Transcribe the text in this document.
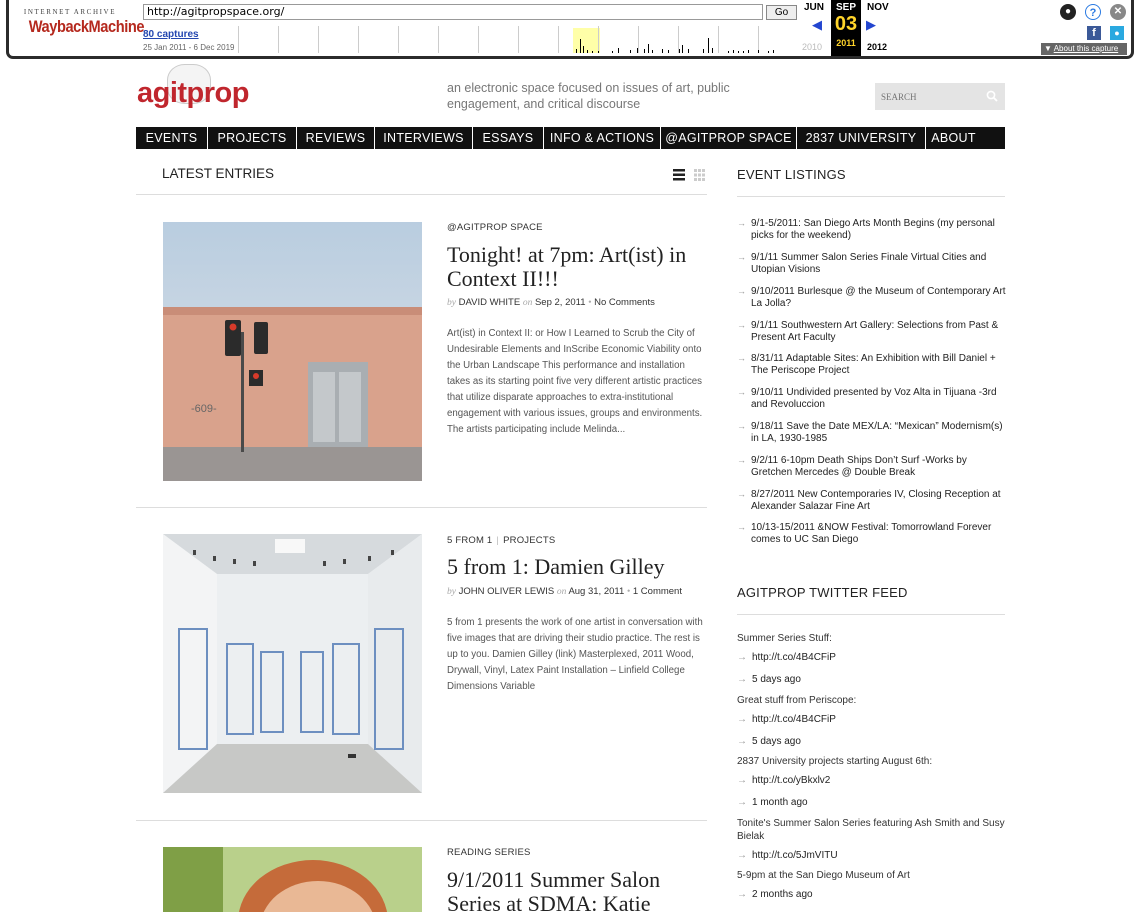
INTERNET ARCHIVE
WaybackMachine
http://agitpropspace.org/	Go
80 captures
25 Jan 2011 - 6 Dec 2019
JUN
◀
SEP
03
2011
▶
NOV
2010	2012
●	?	✕
f	●
▼ About this capture
agitprop	an electronic space focused on issues of art, public engagement, and critical discourse
SEARCH
EVENTS	PROJECTS	REVIEWS	INTERVIEWS	ESSAYS	INFO & ACTIONS @AGITPROP SPACE	2837 UNIVERSITY	ABOUT
LATEST ENTRIES
-609-
@AGITPROP SPACE
Tonight! at 7pm: Art(ist) in Context II!!!
by DAVID WHITE on Sep 2, 2011 • No Comments
Art(ist) in Context II: or How I Learned to Scrub the City of Undesirable Elements and InScribe Economic Viability onto the Urban Landscape This performance and installation takes as its starting point five very different artistic practices that utilize disparate approaches to extra-institutional engagement with various issues, groups and environments. The artists participating include Melinda...
5 FROM 1 | PROJECTS
5 from 1: Damien Gilley
by JOHN OLIVER LEWIS on Aug 31, 2011 • 1 Comment
5 from 1 presents the work of one artist in conversation with five images that are driving their studio practice. The rest is up to you. Damien Gilley (link) Masterplexed, 2011 Wood, Drywall, Vinyl, Latex Paint Installation – Linfield College Dimensions Variable
READING SERIES
9/1/2011 Summer Salon Series at SDMA: Katie
EVENT LISTINGS
→ 9/1-5/2011: San Diego Arts Month Begins (my personal picks for the weekend)
→ 9/1/11 Summer Salon Series Finale Virtual Cities and Utopian Visions
→ 9/10/2011 Burlesque @ the Museum of Contemporary Art La Jolla?
→ 9/1/11 Southwestern Art Gallery: Selections from Past & Present Art Faculty
→ 8/31/11 Adaptable Sites: An Exhibition with Bill Daniel + The Periscope Project
→ 9/10/11 Undivided presented by Voz Alta in Tijuana -3rd and Revoluccion
→ 9/18/11 Save the Date MEX/LA: “Mexican” Modernism(s) in LA, 1930-1985
→ 9/2/11 6-10pm Death Ships Don’t Surf -Works by Gretchen Mercedes @ Double Break
→ 8/27/2011 New Contemporaries IV, Closing Reception at Alexander Salazar Fine Art
→ 10/13-15/2011 &NOW Festival: Tomorrowland Forever comes to UC San Diego
AGITPROP TWITTER FEED
Summer Series Stuff:
→ http://t.co/4B4CFiP
→ 5 days ago
Great stuff from Periscope:
→ http://t.co/4B4CFiP
→ 5 days ago
2837 University projects starting August 6th:
→ http://t.co/yBkxlv2
→ 1 month ago
Tonite's Summer Salon Series featuring Ash Smith and Susy Bielak
→ http://t.co/5JmVITU
5-9pm at the San Diego Museum of Art
→ 2 months ago
